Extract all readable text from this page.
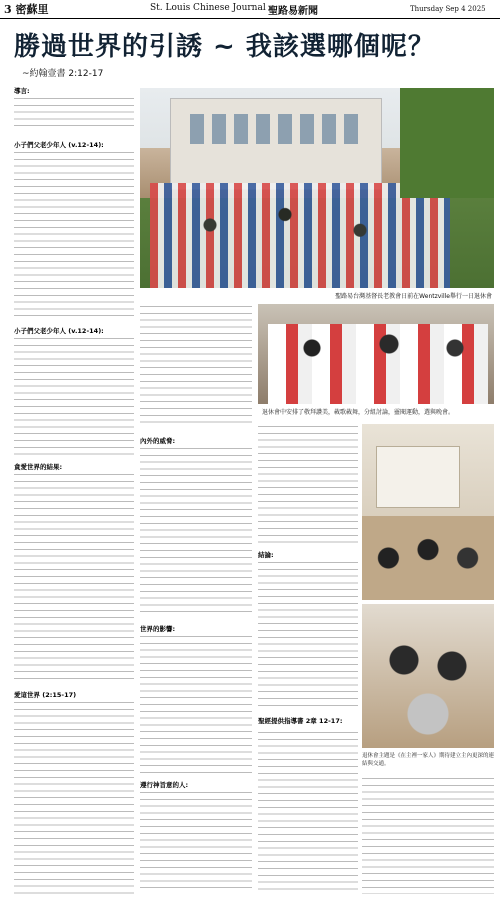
3 密蘇里	St. Louis Chinese Journal 聖路易新聞	Thursday Sep 4 2025
勝過世界的引誘 ~ 我該選哪個呢？
~約翰壹書 2:12-17
導言:
小子們父老少年人 (v.12-14):
小子們父老少年人 (v.12-14):
貪愛世界的結果:
愛這世界 (2:15-17)
聖路易台灣基督長老教會日前在Wentzville舉行一日退休會
內外的威脅:
世界的影響:
遵行神旨意的人:
退休會中安排了敬拜讚美，載歌載舞，分組討論，靈閱運動，選與晚會。
結論:
聖經提供指導書 2章 12-17:
退休會主題是《在主裡一家人》期待建立主內更深的連結與交通。
